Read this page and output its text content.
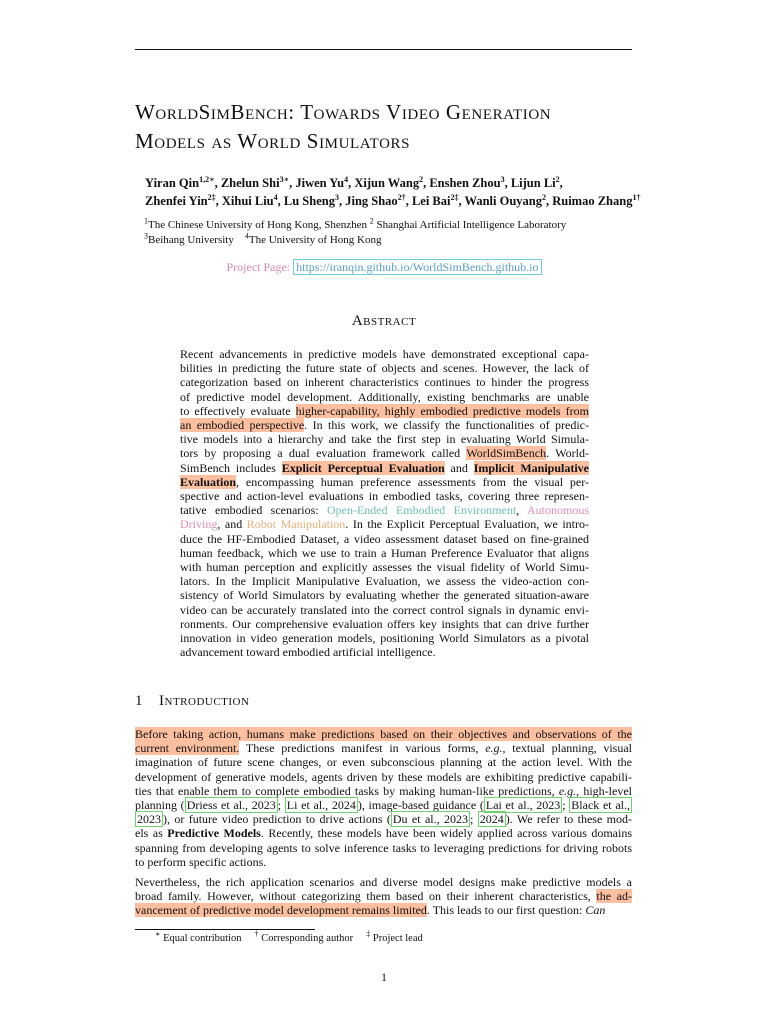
WorldSimBench: Towards Video Generation
Models as World Simulators
Yiran Qin$^{1,2∗}$, Zhelun Shi$^{3∗}$, Jiwen Yu$^4$, Xijun Wang$^2$, Enshen Zhou$^3$, Lijun Li$^2$,
Zhenfei Yin$^{2\ddagger}$, Xihui Liu$^4$, Lu Sheng$^3$, Jing Shao$^{2\dagger}$, Lei Bai$^{2\ddagger}$, Wanli Ouyang$^2$, Ruimao Zhang$^{1\dagger}$
$^1$The Chinese University of Hong Kong, Shenzhen $^2$ Shanghai Artificial Intelligence Laboratory
$^3$Beihang University $^4$The University of Hong Kong
Project Page: https://iranqin.github.io/WorldSimBench.github.io
Abstract
Recent advancements in predictive models have demonstrated exceptional capa-
bilities in predicting the future state of objects and scenes. However, the lack of
categorization based on inherent characteristics continues to hinder the progress
of predictive model development. Additionally, existing benchmarks are unable
to effectively evaluate higher-capability, highly embodied predictive models from
an embodied perspective. In this work, we classify the functionalities of predic-
tive models into a hierarchy and take the first step in evaluating World Simula-
tors by proposing a dual evaluation framework called WorldSimBench. World-
SimBench includes Explicit Perceptual Evaluation and Implicit Manipulative
Evaluation, encompassing human preference assessments from the visual per-
spective and action-level evaluations in embodied tasks, covering three represen-
tative embodied scenarios: Open-Ended Embodied Environment, Autonomous
Driving, and Robot Manipulation. In the Explicit Perceptual Evaluation, we intro-
duce the HF-Embodied Dataset, a video assessment dataset based on fine-grained
human feedback, which we use to train a Human Preference Evaluator that aligns
with human perception and explicitly assesses the visual fidelity of World Simu-
lators. In the Implicit Manipulative Evaluation, we assess the video-action con-
sistency of World Simulators by evaluating whether the generated situation-aware
video can be accurately translated into the correct control signals in dynamic envi-
ronments. Our comprehensive evaluation offers key insights that can drive further
innovation in video generation models, positioning World Simulators as a pivotal
advancement toward embodied artificial intelligence.
1 Introduction
Before taking action, humans make predictions based on their objectives and observations of the
current environment. These predictions manifest in various forms, e.g., textual planning, visual
imagination of future scene changes, or even subconscious planning at the action level. With the
development of generative models, agents driven by these models are exhibiting predictive capabili-
ties that enable them to complete embodied tasks by making human-like predictions, e.g., high-level
planning ( Driess et al., 2023 ; Li et al., 2024 ), image-based guidance ( Lai et al., 2023 ; Black et al.,
2023 ), or future video prediction to drive actions ( Du et al., 2023 ; 2024 ). We refer to these mod-
els as Predictive Models. Recently, these models have been widely applied across various domains
spanning from developing agents to solve inference tasks to leveraging predictions for driving robots
to perform specific actions.
Nevertheless, the rich application scenarios and diverse model designs make predictive models a
broad family. However, without categorizing them based on their inherent characteristics, the ad-
vancement of predictive model development remains limited. This leads to our first question: Can
∗ Equal contribution † Corresponding author ‡ Project lead
1
